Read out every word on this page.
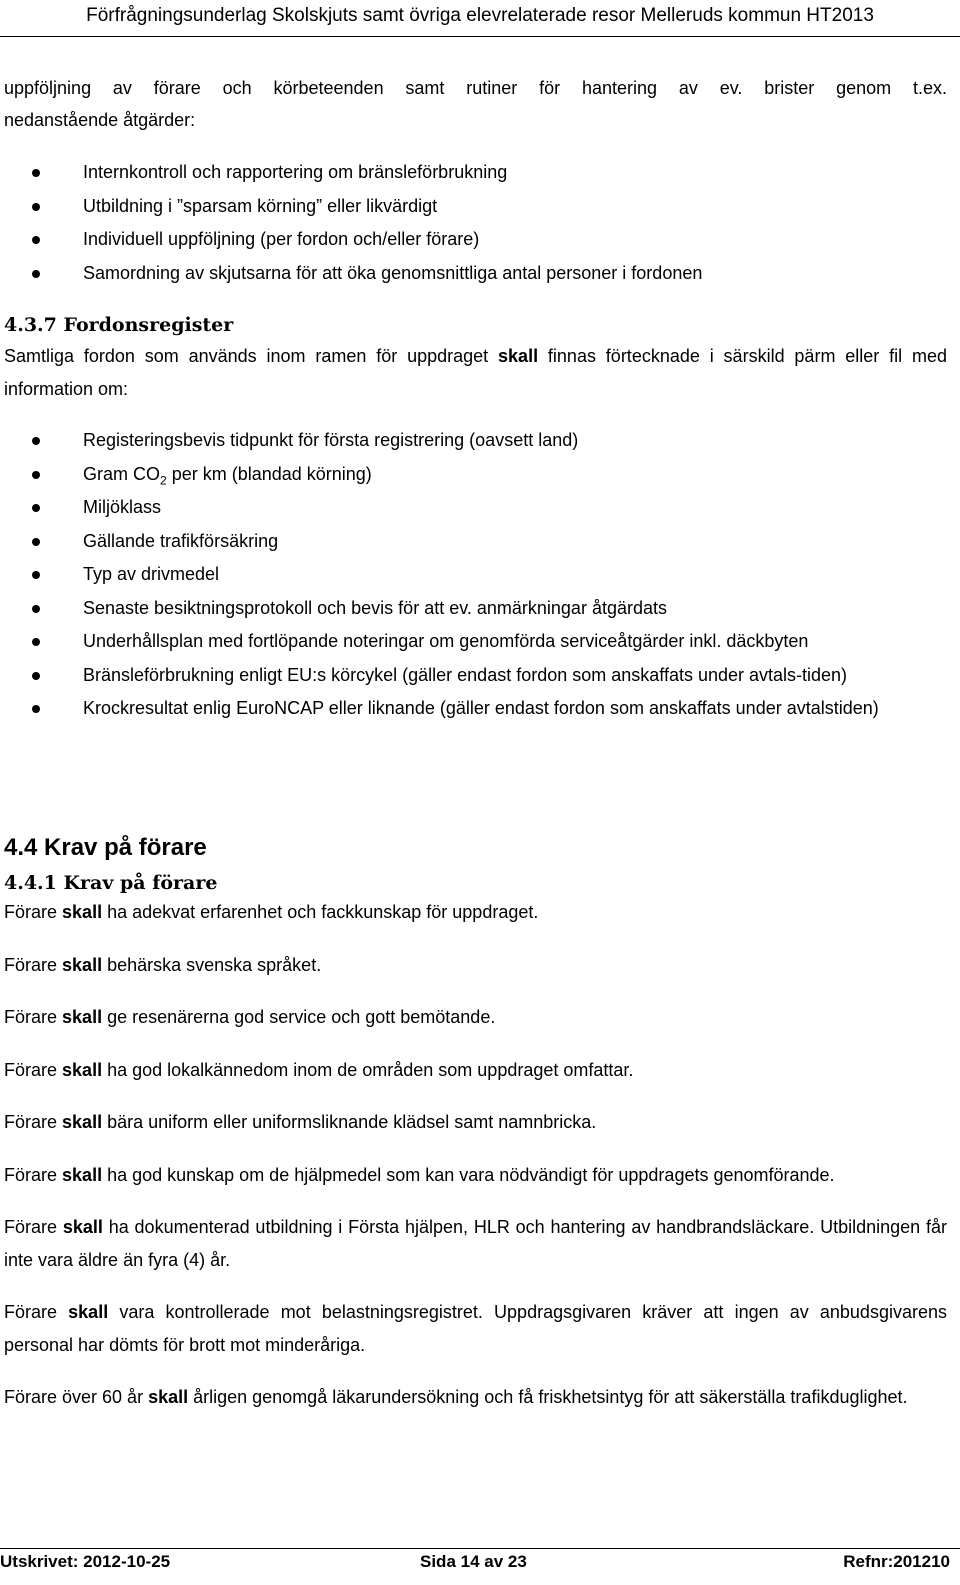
Förfrågningsunderlag Skolskjuts samt övriga elevrelaterade resor Melleruds kommun HT2013

uppföljning av förare och körbeteenden samt rutiner för hantering av ev. brister genom t.ex.

nedanstående åtgärder:

Internkontroll och rapportering om bränsleförbrukning
Utbildning i ”sparsam körning” eller likvärdigt
Individuell uppföljning (per fordon och/eller förare)
Samordning av skjutsarna för att öka genomsnittliga antal personer i fordonen
4.3.7 Fordonsregister

Samtliga fordon som används inom ramen för uppdraget skall finnas förtecknade i särskild pärm eller fil med information om:

Registeringsbevis tidpunkt för första registrering (oavsett land)
Gram $CO_2$ per km (blandad körning)
Miljöklass
Gällande trafikförsäkring
Typ av drivmedel
Senaste besiktningsprotokoll och bevis för att ev. anmärkningar åtgärdats
Underhållsplan med fortlöpande noteringar om genomförda serviceåtgärder inkl. däckbyten
Bränsleförbrukning enligt EU:s körcykel (gäller endast fordon som anskaffats under avtals-tiden)
Krockresultat enlig EuroNCAP eller liknande (gäller endast fordon som anskaffats under avtalstiden)
4.4 Krav på förare
4.4.1 Krav på förare

Förare skall ha adekvat erfarenhet och fackkunskap för uppdraget.

Förare skall behärska svenska språket.

Förare skall ge resenärerna god service och gott bemötande.

Förare skall ha god lokalkännedom inom de områden som uppdraget omfattar.

Förare skall bära uniform eller uniformsliknande klädsel samt namnbricka.

Förare skall ha god kunskap om de hjälpmedel som kan vara nödvändigt för uppdragets genomförande.

Förare skall ha dokumenterad utbildning i Första hjälpen, HLR och hantering av handbrandsläckare. Utbildningen får inte vara äldre än fyra (4) år.

Förare skall vara kontrollerade mot belastningsregistret. Uppdragsgivaren kräver att ingen av anbudsgivarens personal har dömts för brott mot minderåriga.

Förare över 60 år skall årligen genomgå läkarundersökning och få friskhetsintyg för att säkerställa trafikduglighet.

Utskrivet: 2012-10-25	Sida 14 av 23	Refnr:201210
